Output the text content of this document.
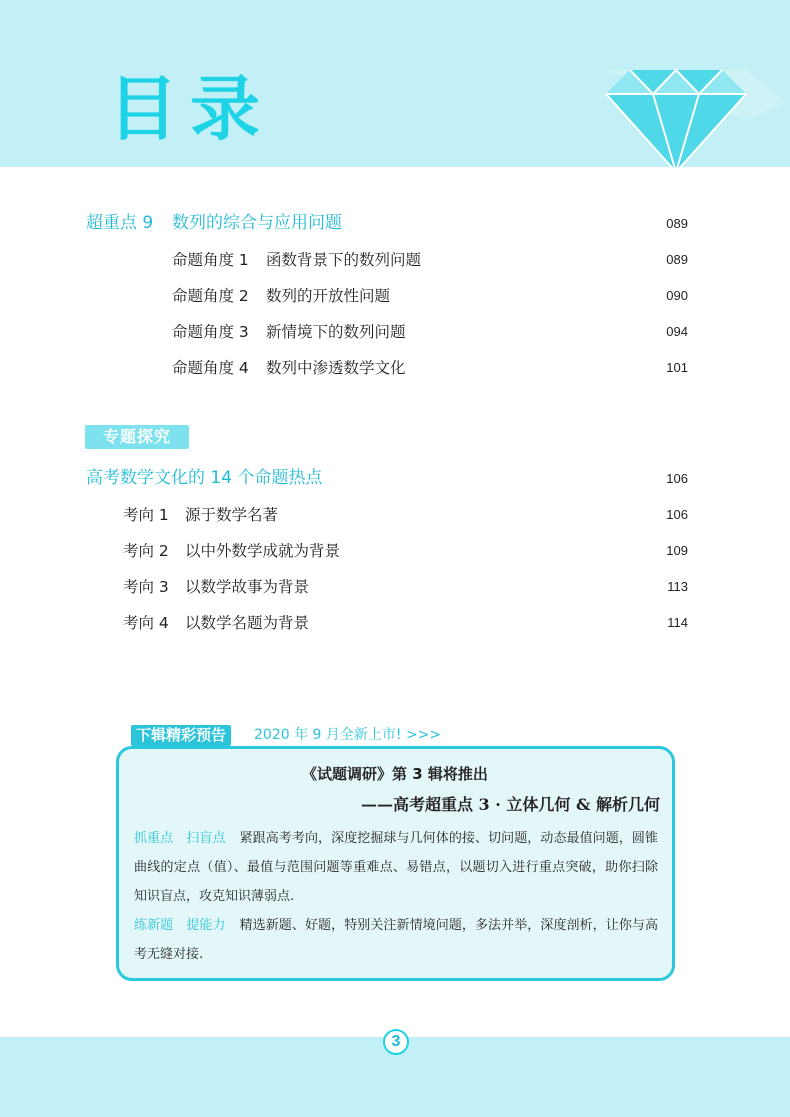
目录
超重点 9 数列的综合与应用问题	089
命题角度 1 函数背景下的数列问题	089
命题角度 2 数列的开放性问题	090
命题角度 3 新情境下的数列问题	094
命题角度 4 数列中渗透数学文化	101
专题探究
高考数学文化的 14 个命题热点	106
考向 1 源于数学名著	106
考向 2 以中外数学成就为背景	109
考向 3 以数学故事为背景	113
考向 4 以数学名题为背景	114
下辑精彩预告	2020 年 9 月全新上市! >>>
《试题调研》第 3 辑将推出
——高考超重点 3 · 立体几何 & 解析几何
抓重点　扫盲点 紧跟高考考向，深度挖掘球与几何体的接、切问题，动态最值问题，圆锥曲线的定点（值）、最值与范围问题等重难点、易错点，以题切入进行重点突破，助你扫除知识盲点，攻克知识薄弱点.
练新题　提能力 精选新题、好题，特别关注新情境问题，多法并举，深度剖析，让你与高考无缝对接.
3
